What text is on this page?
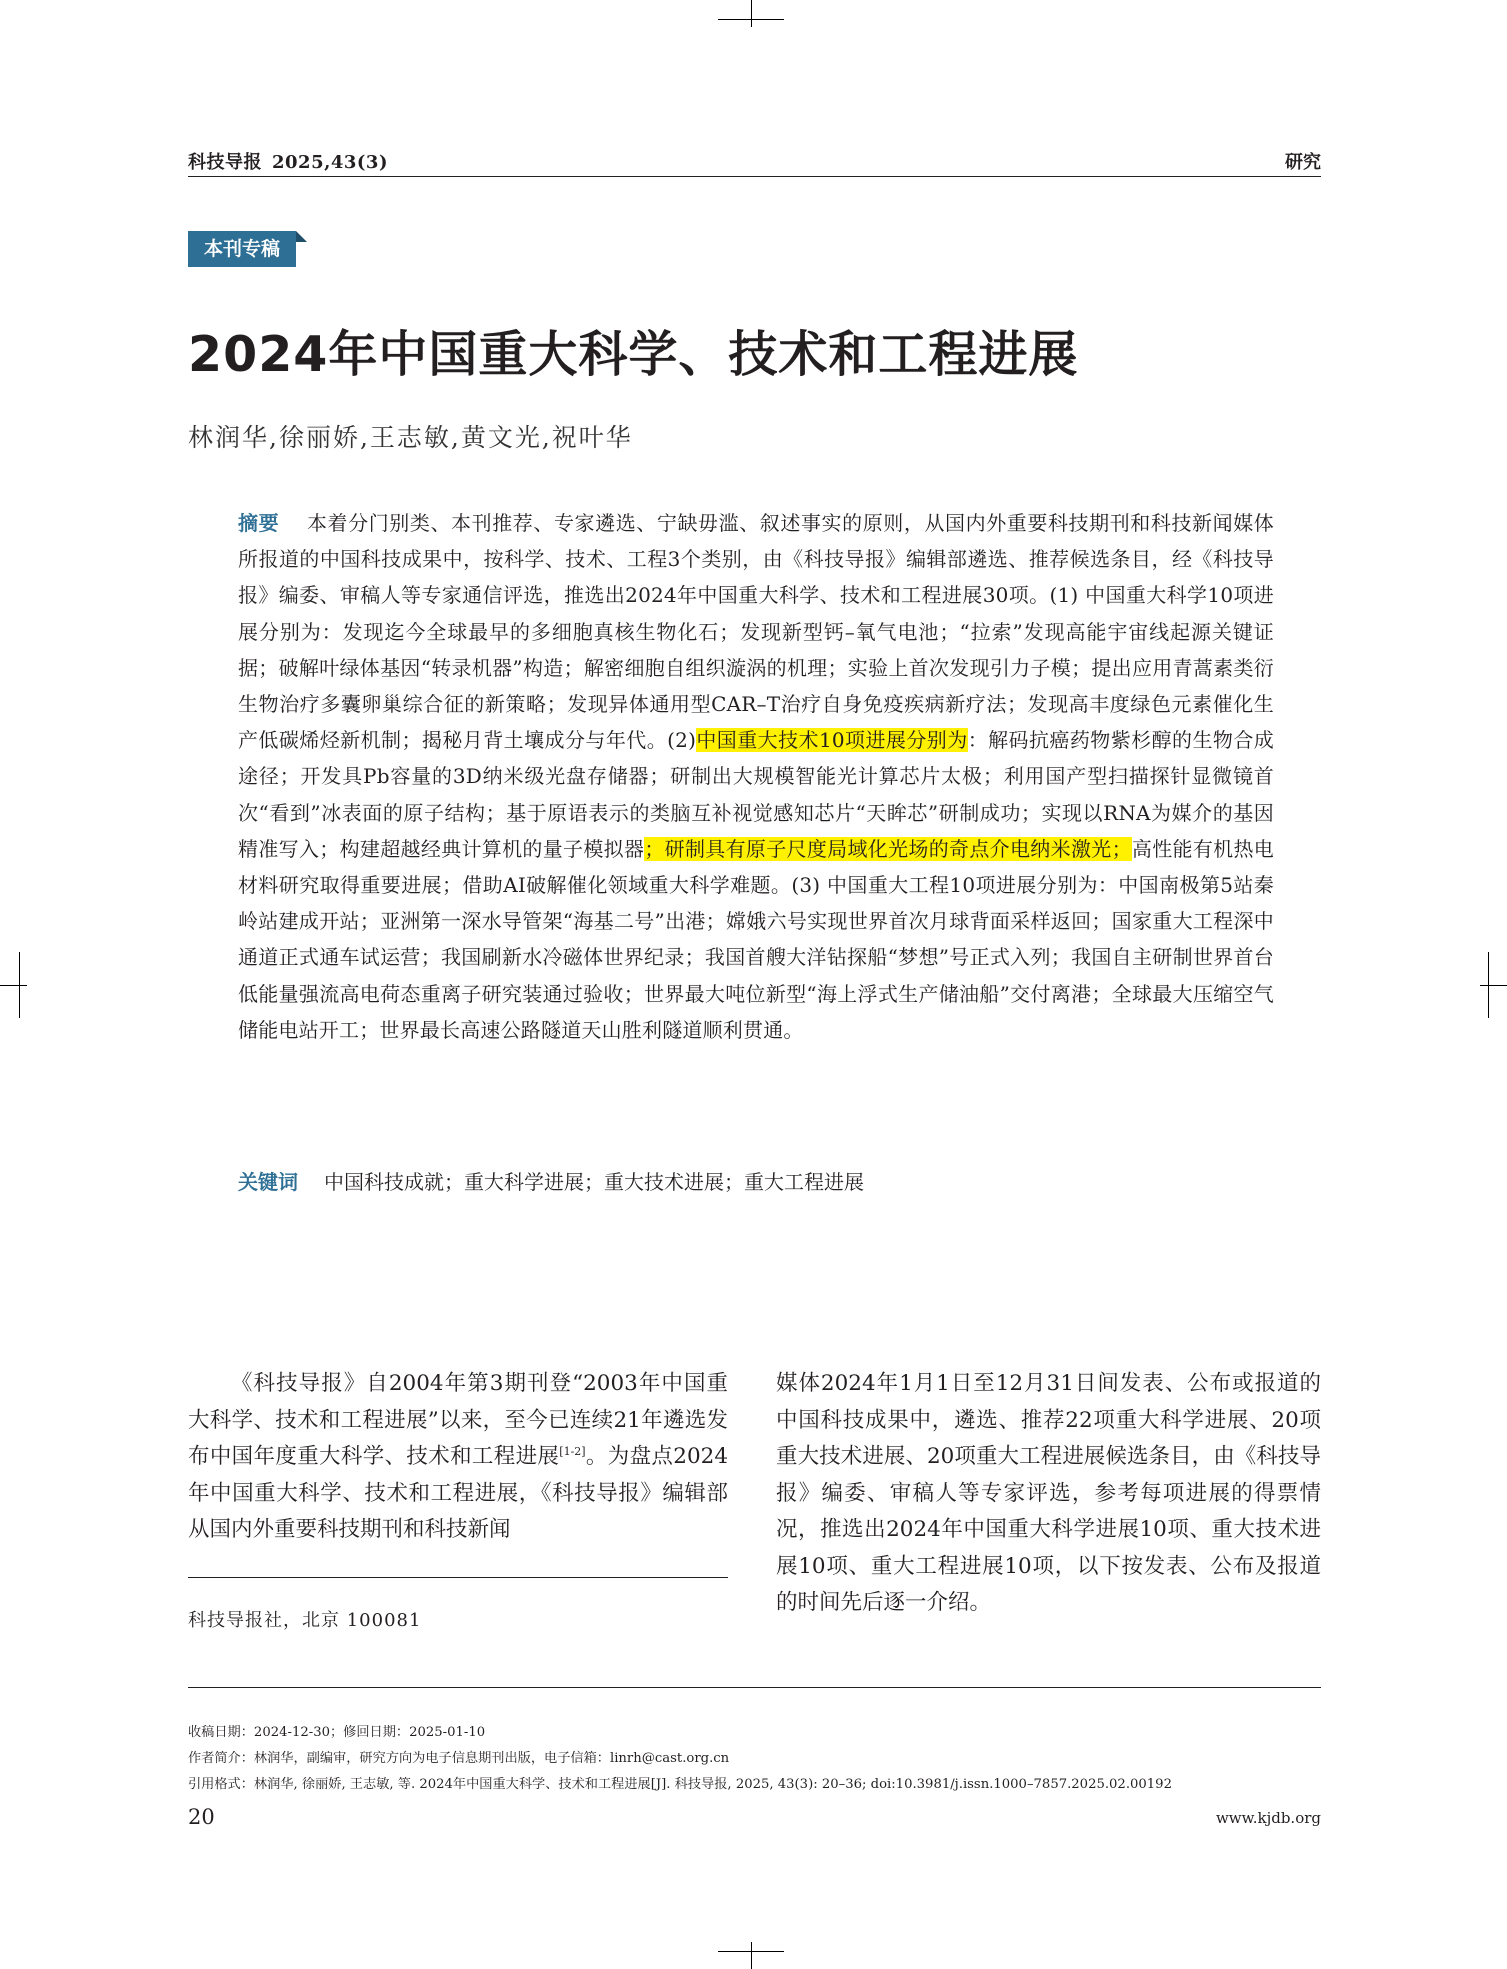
科技导报 2025,43(3)	研究
本刊专稿
2024年中国重大科学、技术和工程进展
林润华,徐丽娇,王志敏,黄文光,祝叶华
摘要 本着分门别类、本刊推荐、专家遴选、宁缺毋滥、叙述事实的原则，从国内外重要科技期刊和科技新闻媒体所报道的中国科技成果中，按科学、技术、工程3个类别，由《科技导报》编辑部遴选、推荐候选条目，经《科技导报》编委、审稿人等专家通信评选，推选出2024年中国重大科学、技术和工程进展30项。(1) 中国重大科学10项进展分别为：发现迄今全球最早的多细胞真核生物化石；发现新型钙–氧气电池；“拉索”发现高能宇宙线起源关键证据；破解叶绿体基因“转录机器”构造；解密细胞自组织漩涡的机理；实验上首次发现引力子模；提出应用青蒿素类衍生物治疗多囊卵巢综合征的新策略；发现异体通用型CAR–T治疗自身免疫疾病新疗法；发现高丰度绿色元素催化生产低碳烯烃新机制；揭秘月背土壤成分与年代。(2)中国重大技术10项进展分别为：解码抗癌药物紫杉醇的生物合成途径；开发具Pb容量的3D纳米级光盘存储器；研制出大规模智能光计算芯片太极；利用国产型扫描探针显微镜首次“看到”冰表面的原子结构；基于原语表示的类脑互补视觉感知芯片“天眸芯”研制成功；实现以RNA为媒介的基因精准写入；构建超越经典计算机的量子模拟器；研制具有原子尺度局域化光场的奇点介电纳米激光；高性能有机热电材料研究取得重要进展；借助AI破解催化领域重大科学难题。(3) 中国重大工程10项进展分别为：中国南极第5站秦岭站建成开站；亚洲第一深水导管架“海基二号”出港；嫦娥六号实现世界首次月球背面采样返回；国家重大工程深中通道正式通车试运营；我国刷新水冷磁体世界纪录；我国首艘大洋钻探船“梦想”号正式入列；我国自主研制世界首台低能量强流高电荷态重离子研究装通过验收；世界最大吨位新型“海上浮式生产储油船”交付离港；全球最大压缩空气储能电站开工；世界最长高速公路隧道天山胜利隧道顺利贯通。
关键词 中国科技成就；重大科学进展；重大技术进展；重大工程进展
《科技导报》自2004年第3期刊登“2003年中国重大科学、技术和工程进展”以来，至今已连续21年遴选发布中国年度重大科学、技术和工程进展[1-2]。为盘点2024年中国重大科学、技术和工程进展，《科技导报》编辑部从国内外重要科技期刊和科技新闻
媒体2024年1月1日至12月31日间发表、公布或报道的中国科技成果中，遴选、推荐22项重大科学进展、20项重大技术进展、20项重大工程进展候选条目，由《科技导报》编委、审稿人等专家评选，参考每项进展的得票情况，推选出2024年中国重大科学进展10项、重大技术进展10项、重大工程进展10项，以下按发表、公布及报道的时间先后逐一介绍。
科技导报社，北京 100081
收稿日期：2024-12-30；修回日期：2025-01-10
作者简介：林润华，副编审，研究方向为电子信息期刊出版，电子信箱：linrh@cast.org.cn
引用格式：林润华, 徐丽娇, 王志敏, 等. 2024年中国重大科学、技术和工程进展[J]. 科技导报, 2025, 43(3): 20–36; doi:10.3981/j.issn.1000–7857.2025.02.00192
20	www.kjdb.org
